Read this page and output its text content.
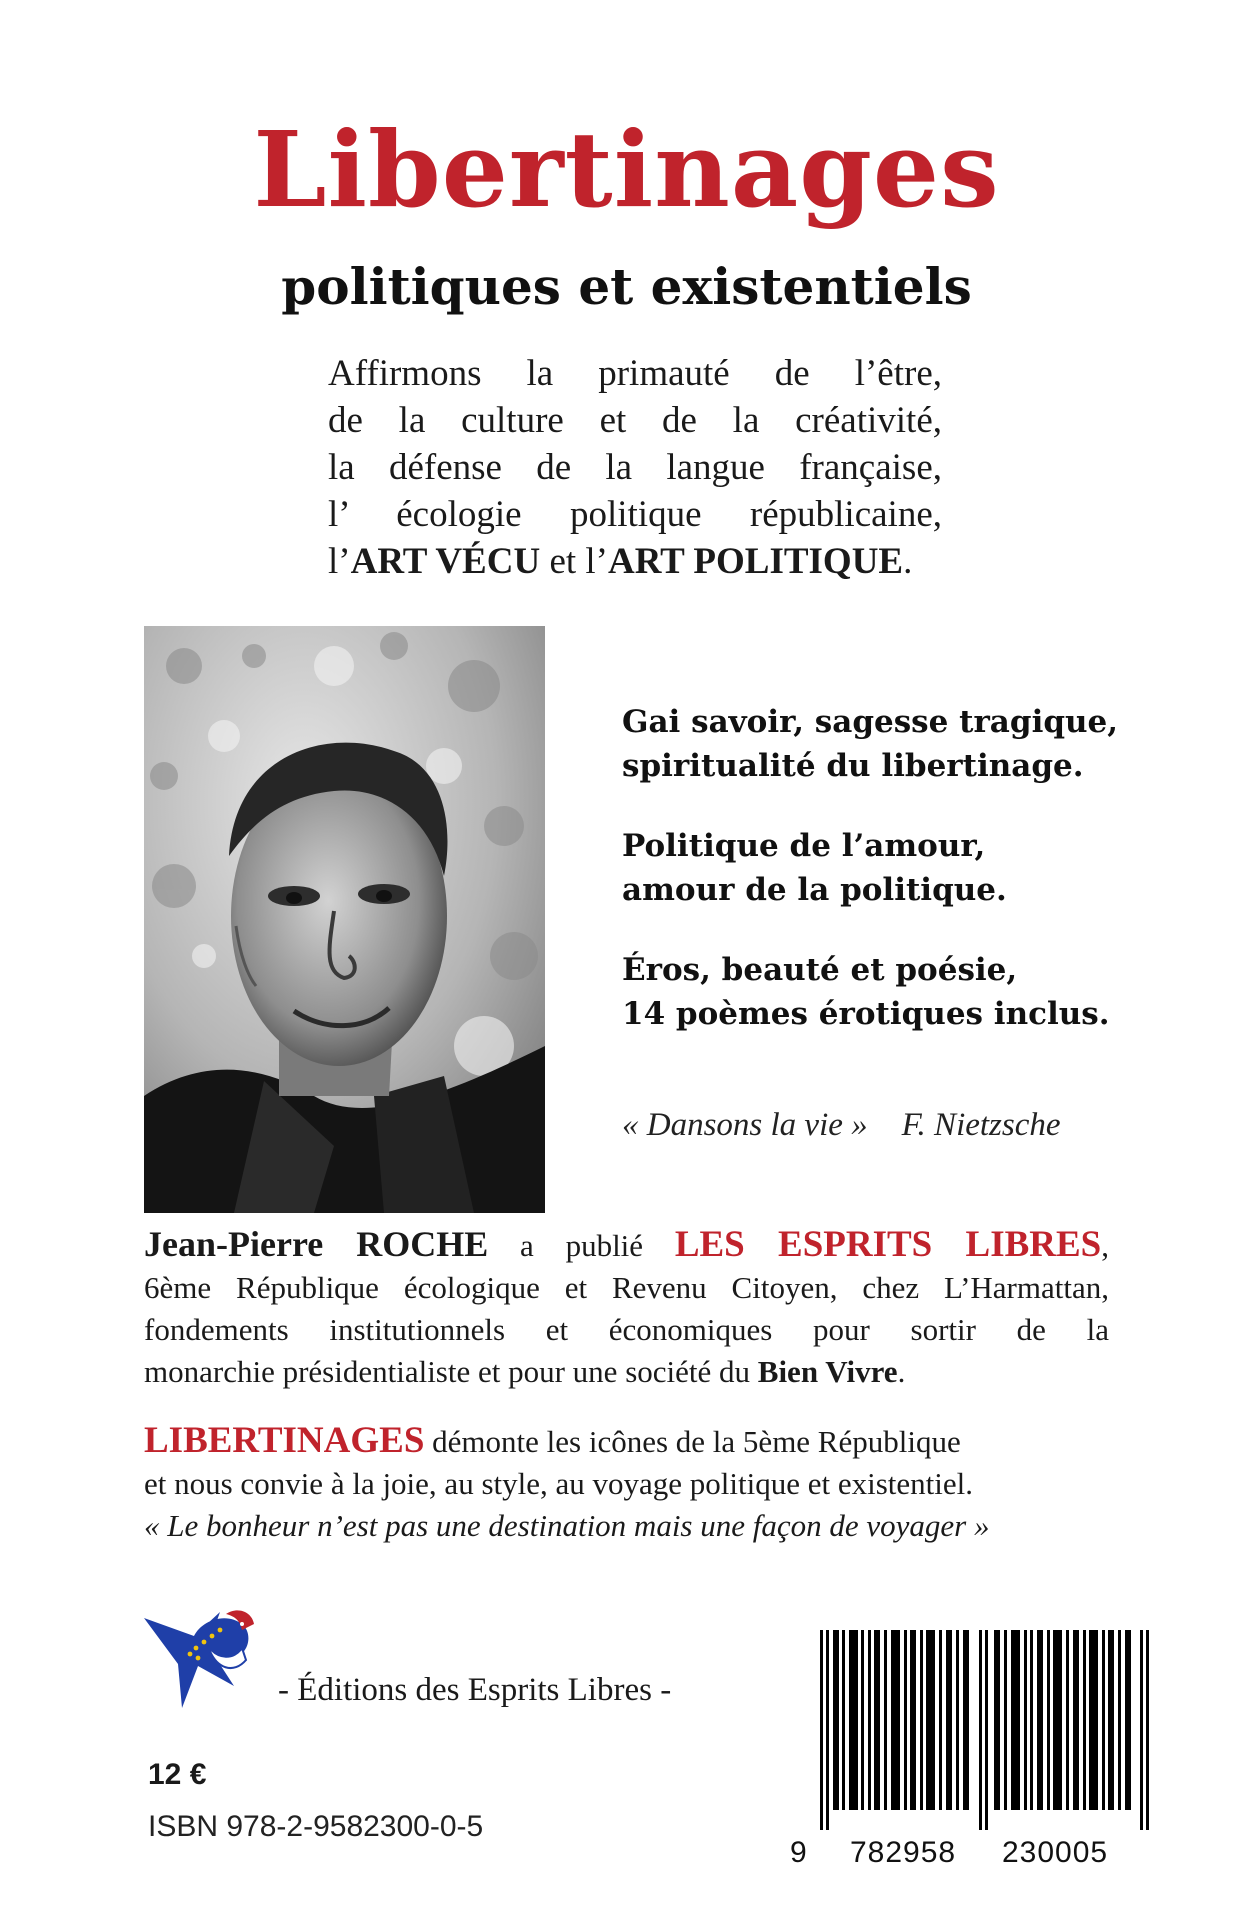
Libertinages
politiques et existentiels
Affirmons la primauté de l’être,
de la culture et de la créativité,
la défense de la langue française,
l’ écologie politique républicaine,
l’ART VÉCU et l’ART POLITIQUE.
Gai savoir, sagesse tragique,
spiritualité du libertinage.
Politique de l’amour,
amour de la politique.
Éros, beauté et poésie,
14 poèmes érotiques inclus.
« Dansons la vie » F. Nietzsche
Jean-Pierre ROCHE a publié LES ESPRITS LIBRES,
6ème République écologique et Revenu Citoyen, chez L’Harmattan,
fondements institutionnels et économiques pour sortir de la
monarchie présidentialiste et pour une société du Bien Vivre.
LIBERTINAGES démonte les icônes de la 5ème République
et nous convie à la joie, au style, au voyage politique et existentiel.
« Le bonheur n’est pas une destination mais une façon de voyager »
- Éditions des Esprits Libres -
12 €
ISBN 978-2-9582300-0-5
9 782958 230005
